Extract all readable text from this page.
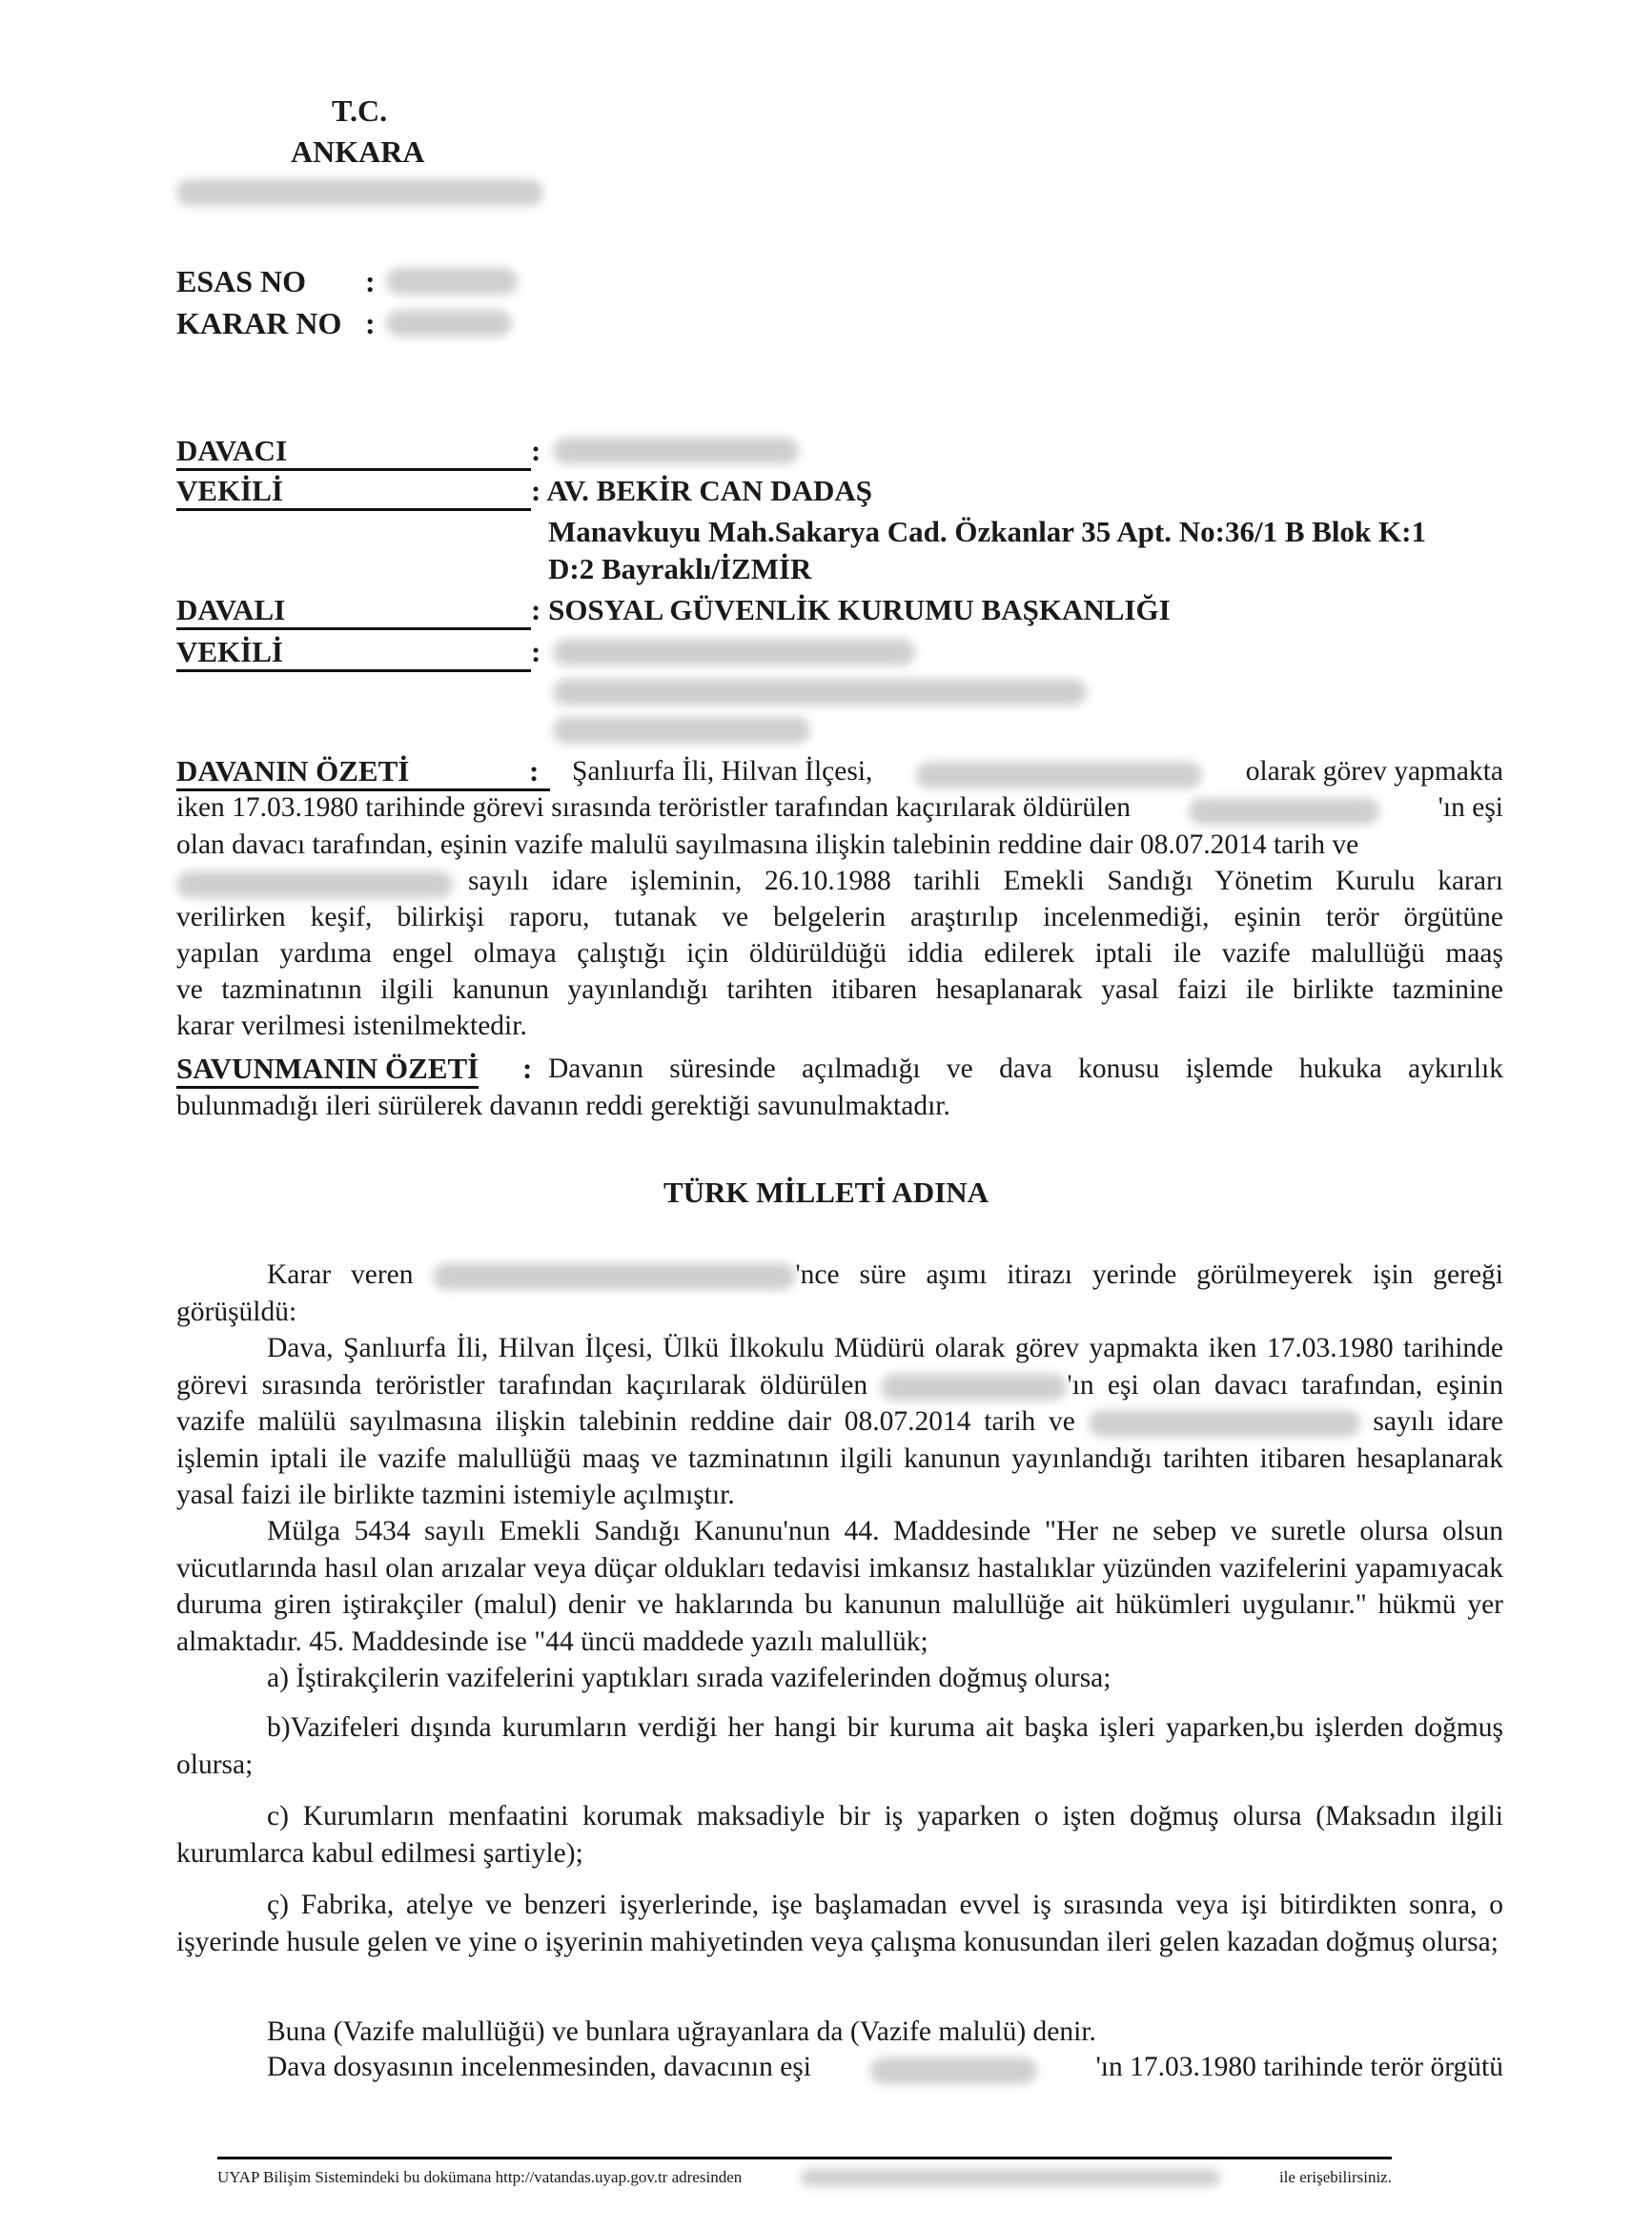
T.C.
ANKARA
ESAS NO :
KARAR NO :
DAVACI	:
VEKİLİ	: AV. BEKİR CAN DADAŞ
Manavkuyu Mah.Sakarya Cad. Özkanlar 35 Apt. No:36/1 B Blok K:1
D:2 Bayraklı/İZMİR
DAVALI	: SOSYAL GÜVENLİK KURUMU BAŞKANLIĞI
VEKİLİ	:
DAVANIN ÖZETİ	: Şanlıurfa İli, Hilvan İlçesi,	olarak görev yapmakta
iken 17.03.1980 tarihinde görevi sırasında teröristler tarafından kaçırılarak öldürülen	'ın eşi
olan davacı tarafından, eşinin vazife malulü sayılmasına ilişkin talebinin reddine dair 08.07.2014 tarih ve
sayılı idare işleminin, 26.10.1988 tarihli Emekli Sandığı Yönetim Kurulu kararı
verilirken keşif, bilirkişi raporu, tutanak ve belgelerin araştırılıp incelenmediği, eşinin terör örgütüne
yapılan yardıma engel olmaya çalıştığı için öldürüldüğü iddia edilerek iptali ile vazife malullüğü maaş
ve tazminatının ilgili kanunun yayınlandığı tarihten itibaren hesaplanarak yasal faizi ile birlikte tazminine
karar verilmesi istenilmektedir.
SAVUNMANIN ÖZETİ : Davanın süresinde açılmadığı ve dava konusu işlemde hukuka aykırılık
bulunmadığı ileri sürülerek davanın reddi gerektiği savunulmaktadır.
TÜRK MİLLETİ ADINA
Karar veren	'nce süre aşımı itirazı yerinde görülmeyerek işin gereği görüşüldü:
Dava, Şanlıurfa İli, Hilvan İlçesi, Ülkü İlkokulu Müdürü olarak görev yapmakta iken 17.03.1980 tarihinde görevi sırasında teröristler tarafından kaçırılarak öldürülen	'ın eşi olan davacı tarafından, eşinin vazife malülü sayılmasına ilişkin talebinin reddine dair 08.07.2014 tarih ve	sayılı idare işlemin iptali ile vazife malullüğü maaş ve tazminatının ilgili kanunun yayınlandığı tarihten itibaren hesaplanarak yasal faizi ile birlikte tazmini istemiyle açılmıştır.
Mülga 5434 sayılı Emekli Sandığı Kanunu'nun 44. Maddesinde "Her ne sebep ve suretle olursa olsun vücutlarında hasıl olan arızalar veya düçar oldukları tedavisi imkansız hastalıklar yüzünden vazifelerini yapamıyacak duruma giren iştirakçiler (malul) denir ve haklarında bu kanunun malullüğe ait hükümleri uygulanır." hükmü yer almaktadır. 45. Maddesinde ise "44 üncü maddede yazılı malullük;
a) İştirakçilerin vazifelerini yaptıkları sırada vazifelerinden doğmuş olursa;
b)Vazifeleri dışında kurumların verdiği her hangi bir kuruma ait başka işleri yaparken,bu işlerden doğmuş olursa;
c) Kurumların menfaatini korumak maksadiyle bir iş yaparken o işten doğmuş olursa (Maksadın ilgili kurumlarca kabul edilmesi şartiyle);
ç) Fabrika, atelye ve benzeri işyerlerinde, işe başlamadan evvel iş sırasında veya işi bitirdikten sonra, o işyerinde husule gelen ve yine o işyerinin mahiyetinden veya çalışma konusundan ileri gelen kazadan doğmuş olursa;
Buna (Vazife malullüğü) ve bunlara uğrayanlara da (Vazife malulü) denir.
Dava dosyasının incelenmesinden, davacının eşi	'ın 17.03.1980 tarihinde terör örgütü
UYAP Bilişim Sistemindeki bu dokümana http://vatandas.uyap.gov.tr adresinden	ile erişebilirsiniz.
